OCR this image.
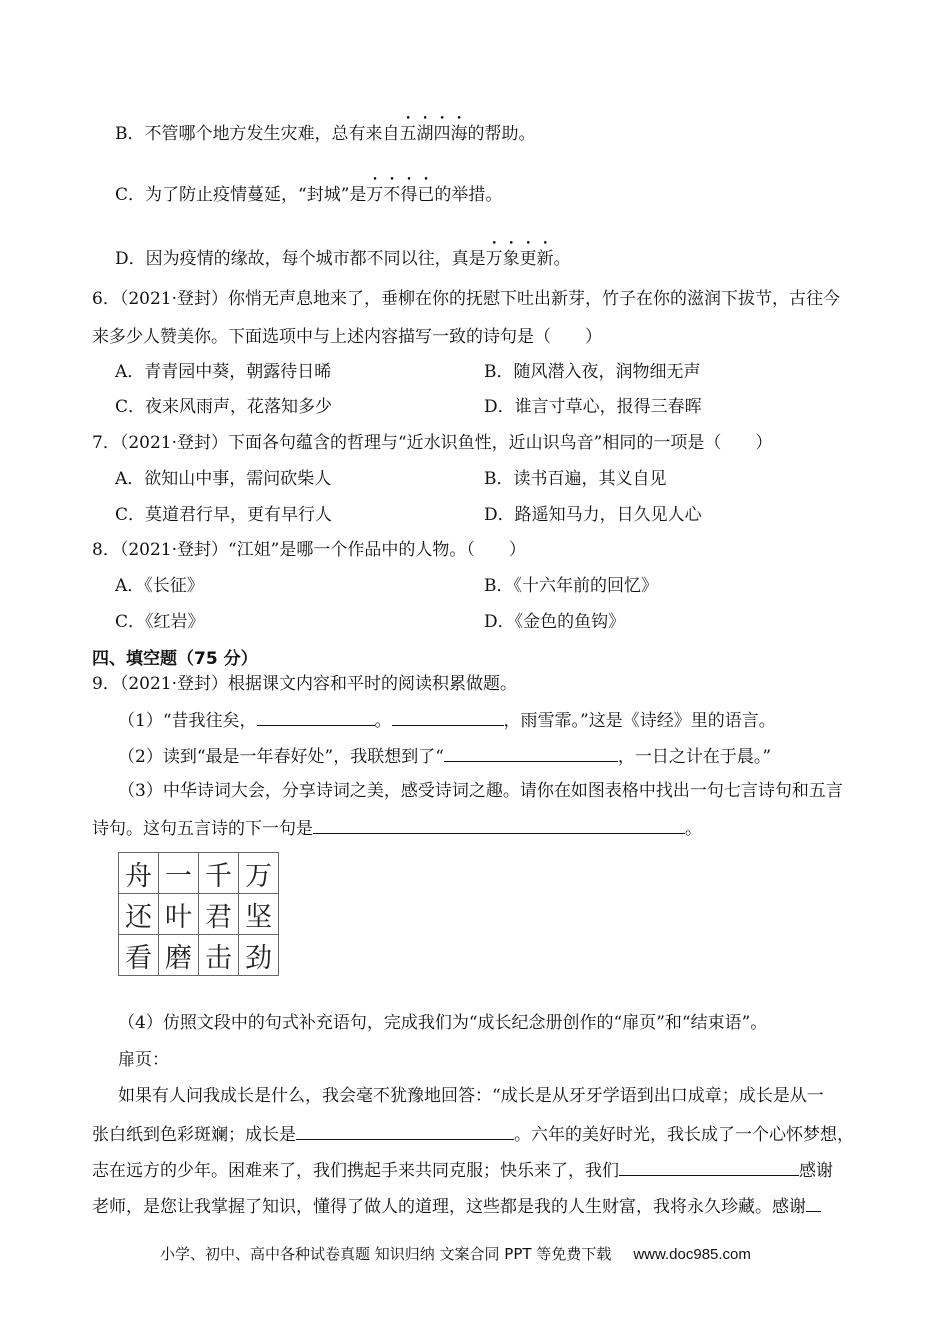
B．不管哪个地方发生灾难，总有来自五湖四海的帮助。
C．为了防止疫情蔓延，“封城”是万不得已的举措。
D．因为疫情的缘故，每个城市都不同以往，真是万象更新。
6．（2021·登封）你悄无声息地来了，垂柳在你的抚慰下吐出新芽，竹子在你的滋润下拔节，古往今
来多少人赞美你。下面选项中与上述内容描写一致的诗句是（　　）
A．青青园中葵，朝露待日晞	B．随风潜入夜，润物细无声
C．夜来风雨声，花落知多少	D．谁言寸草心，报得三春晖
7．（2021·登封）下面各句蕴含的哲理与“近水识鱼性，近山识鸟音”相同的一项是（　　）
A．欲知山中事，需问砍柴人	B．读书百遍，其义自见
C．莫道君行早，更有早行人	D．路遥知马力，日久见人心
8．（2021·登封）“江姐”是哪一个作品中的人物。（　　）
A．《长征》	B．《十六年前的回忆》
C．《红岩》	D．《金色的鱼钩》
四、填空题（75 分）
9．（2021·登封）根据课文内容和平时的阅读积累做题。
（1）“昔我往矣，	。	，雨雪霏。”这是《诗经》里的语言。
（2）读到“最是一年春好处”，我联想到了“	，一日之计在于晨。”
（3）中华诗词大会，分享诗词之美，感受诗词之趣。请你在如图表格中找出一句七言诗句和五言
诗句。这句五言诗的下一句是	。
舟	一	千	万
还	叶	君	坚
看	磨	击	劲
（4）仿照文段中的句式补充语句，完成我们为“成长纪念册创作的“扉页”和“结束语”。
扉页：
如果有人问我成长是什么，我会毫不犹豫地回答：“成长是从牙牙学语到出口成章；成长是从一
张白纸到色彩斑斓；成长是	。六年的美好时光，我长成了一个心怀梦想，
志在远方的少年。困难来了，我们携起手来共同克服；快乐来了，我们	感谢
老师，是您让我掌握了知识，懂得了做人的道理，这些都是我的人生财富，我将永久珍藏。感谢
小学、初中、高中各种试卷真题 知识归纳 文案合同 PPT 等免费下载 www.doc985.com
